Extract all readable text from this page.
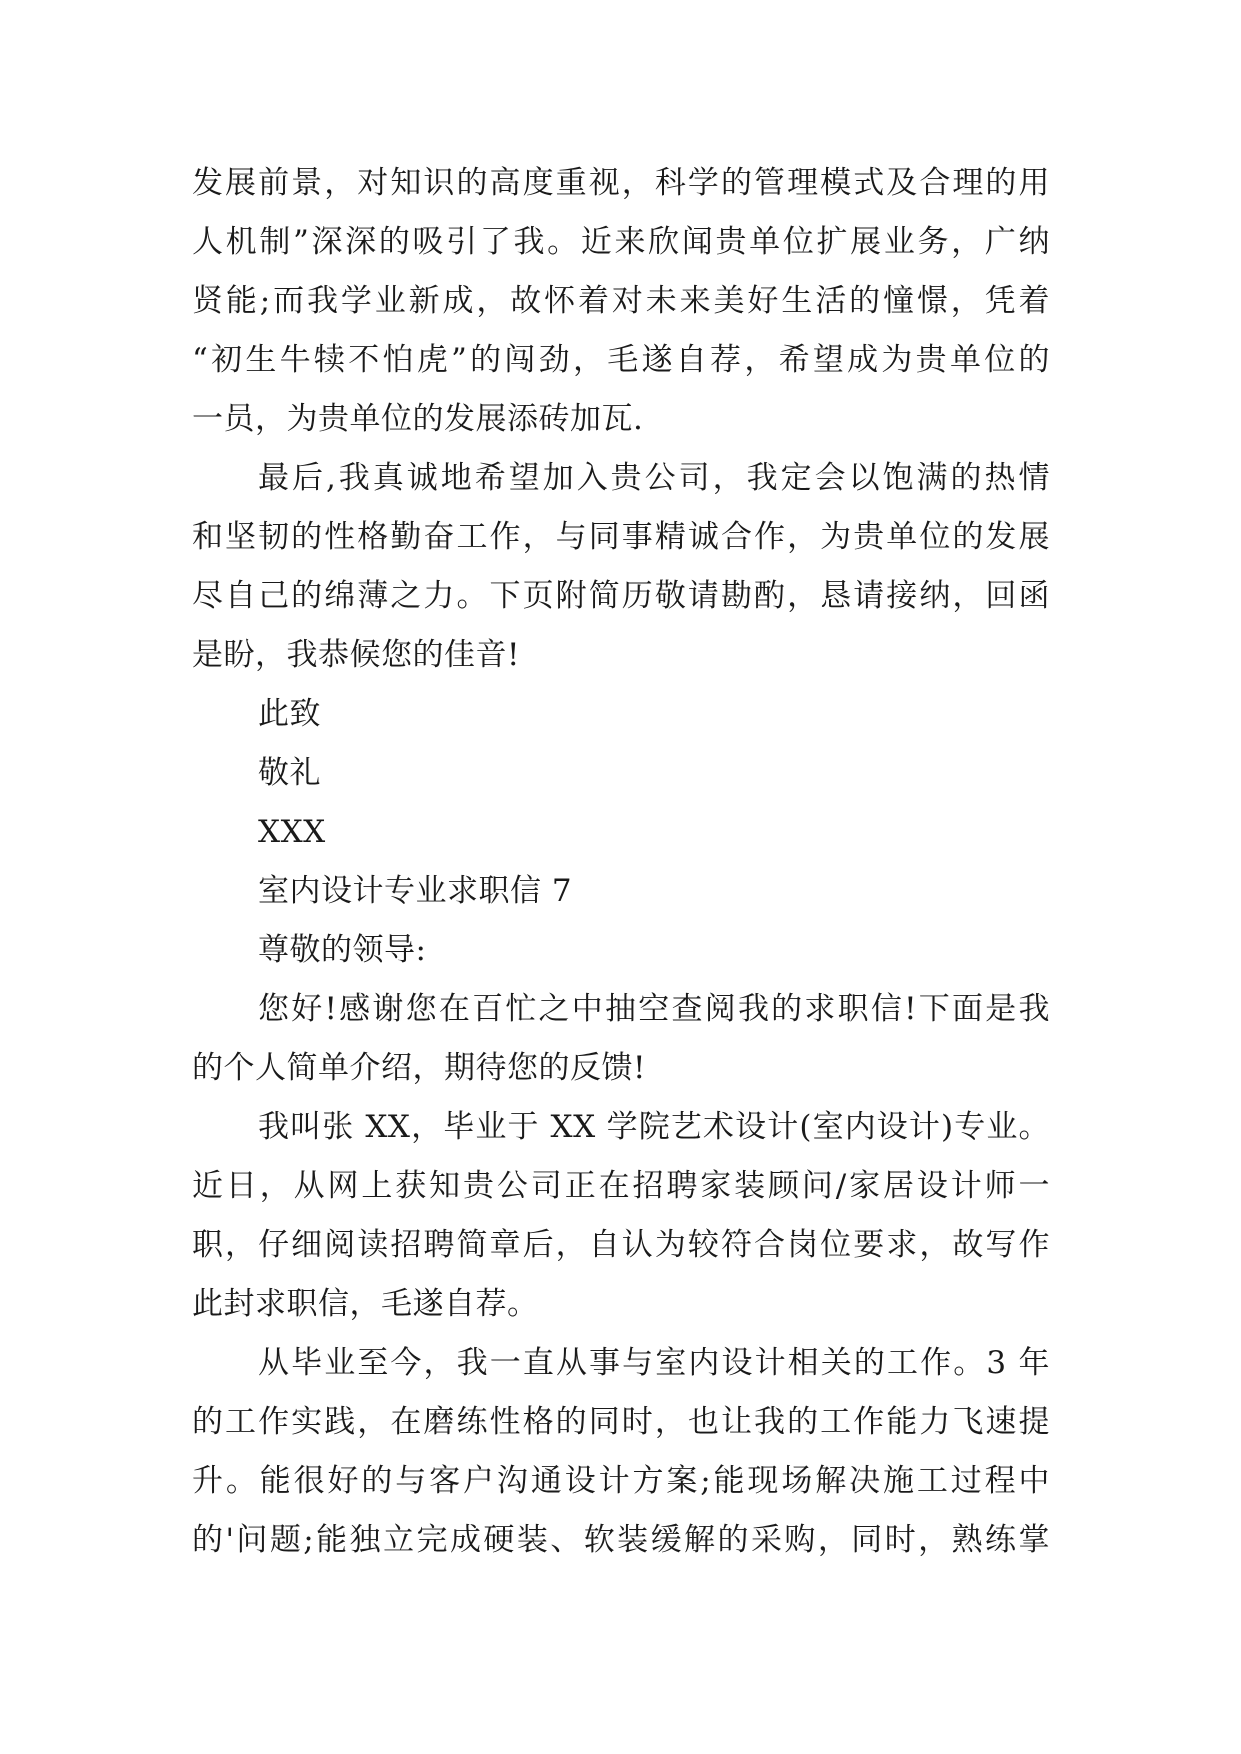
发展前景，对知识的高度重视，科学的管理模式及合理的用
人机制”深深的吸引了我。近来欣闻贵单位扩展业务，广纳
贤能;而我学业新成，故怀着对未来美好生活的憧憬，凭着
“初生牛犊不怕虎”的闯劲，毛遂自荐，希望成为贵单位的
一员，为贵单位的发展添砖加瓦.
最后,我真诚地希望加入贵公司，我定会以饱满的热情
和坚韧的性格勤奋工作，与同事精诚合作，为贵单位的发展
尽自己的绵薄之力。下页附简历敬请勘酌，恳请接纳，回函
是盼，我恭候您的佳音!
此致
敬礼
XXX
室内设计专业求职信 7
尊敬的领导:
您好!感谢您在百忙之中抽空查阅我的求职信!下面是我
的个人简单介绍，期待您的反馈!
我叫张 XX，毕业于 XX 学院艺术设计(室内设计)专业。
近日，从网上获知贵公司正在招聘家装顾问/家居设计师一
职，仔细阅读招聘简章后，自认为较符合岗位要求，故写作
此封求职信，毛遂自荐。
从毕业至今，我一直从事与室内设计相关的工作。3 年
的工作实践，在磨练性格的同时，也让我的工作能力飞速提
升。能很好的与客户沟通设计方案;能现场解决施工过程中
的'问题;能独立完成硬装、软装缓解的采购，同时，熟练掌
